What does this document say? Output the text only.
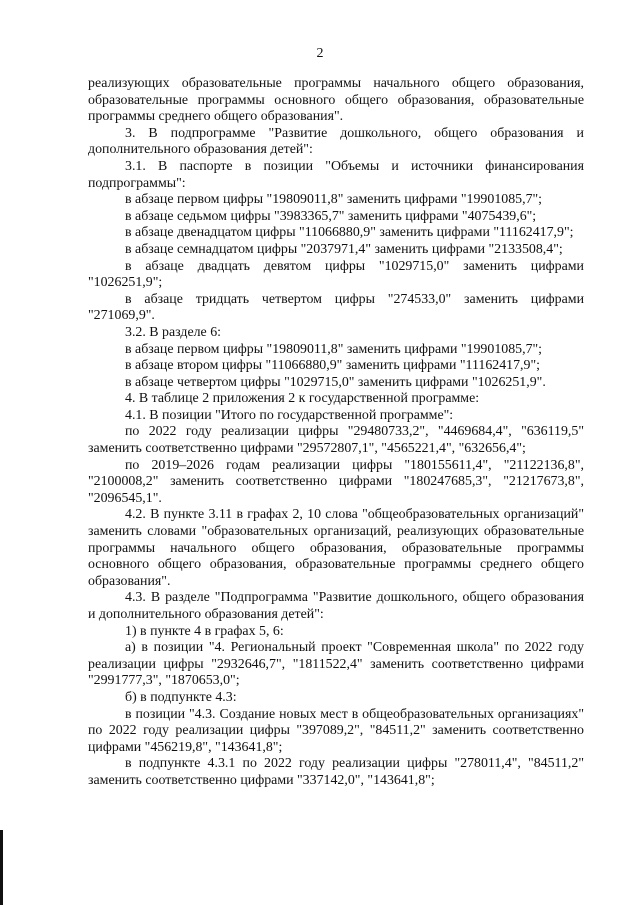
2

реализующих образовательные программы начального общего образования, образовательные программы основного общего образования, образовательные программы среднего общего образования".

3. В подпрограмме "Развитие дошкольного, общего образования и дополнительного образования детей":

3.1. В паспорте в позиции "Объемы и источники финансирования подпрограммы":

в абзаце первом цифры "19809011,8" заменить цифрами "19901085,7";

в абзаце седьмом цифры "3983365,7" заменить цифрами "4075439,6";

в абзаце двенадцатом цифры "11066880,9" заменить цифрами "11162417,9";

в абзаце семнадцатом цифры "2037971,4" заменить цифрами "2133508,4";

в абзаце двадцать девятом цифры "1029715,0" заменить цифрами "1026251,9";

в абзаце тридцать четвертом цифры "274533,0" заменить цифрами "271069,9".

3.2. В разделе 6:

в абзаце первом цифры "19809011,8" заменить цифрами "19901085,7";

в абзаце втором цифры "11066880,9" заменить цифрами "11162417,9";

в абзаце четвертом цифры "1029715,0" заменить цифрами "1026251,9".

4. В таблице 2 приложения 2 к государственной программе:

4.1. В позиции "Итого по государственной программе":

по 2022 году реализации цифры "29480733,2", "4469684,4", "636119,5" заменить соответственно цифрами "29572807,1", "4565221,4", "632656,4";

по 2019–2026 годам реализации цифры "180155611,4", "21122136,8", "2100008,2" заменить соответственно цифрами "180247685,3", "21217673,8", "2096545,1".

4.2. В пункте 3.11 в графах 2, 10 слова "общеобразовательных организаций" заменить словами "образовательных организаций, реализующих образовательные программы начального общего образования, образовательные программы основного общего образования, образовательные программы среднего общего образования".

4.3. В разделе "Подпрограмма "Развитие дошкольного, общего образования и дополнительного образования детей":

1) в пункте 4 в графах 5, 6:

а) в позиции "4. Региональный проект "Современная школа" по 2022 году реализации цифры "2932646,7", "1811522,4" заменить соответственно цифрами "2991777,3", "1870653,0";

б) в подпункте 4.3:

в позиции "4.3. Создание новых мест в общеобразовательных организациях" по 2022 году реализации цифры "397089,2", "84511,2" заменить соответственно цифрами "456219,8", "143641,8";

в подпункте 4.3.1 по 2022 году реализации цифры "278011,4", "84511,2" заменить соответственно цифрами "337142,0", "143641,8";
